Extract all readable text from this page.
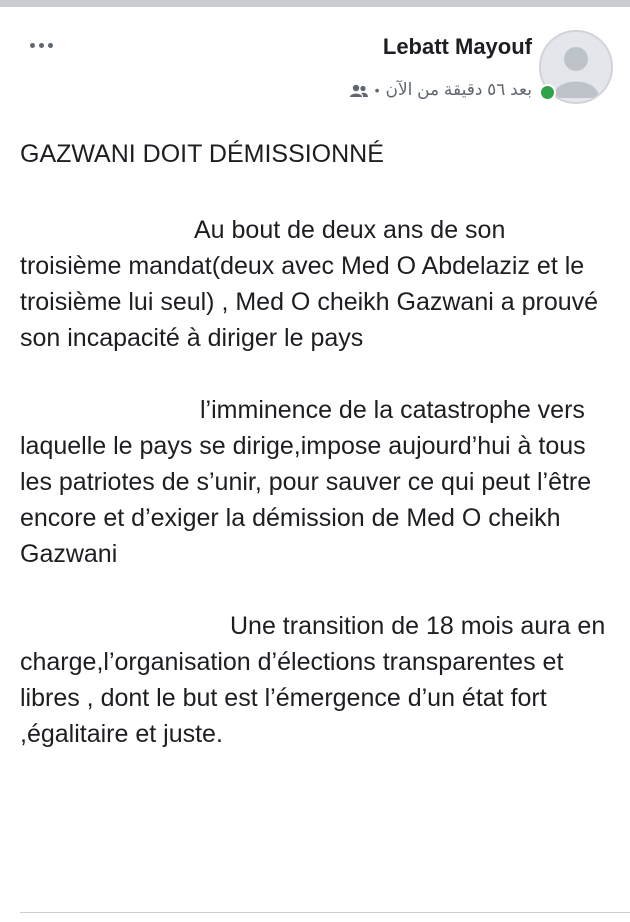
Lebatt Mayouf
بعد ٥٦ دقيقة من الآن
•

GAZWANI DOIT DÉMISSIONNÉ

Au bout de deux ans de son troisième mandat(deux avec Med O Abdelaziz et le troisième lui seul) , Med O cheikh Gazwani a prouvé son incapacité à diriger le pays

l’imminence de la catastrophe vers laquelle le pays se dirige,impose aujourd’hui à tous les patriotes de s’unir, pour sauver ce qui peut l’être encore et d’exiger la démission de Med O cheikh Gazwani

Une transition de 18 mois aura en charge,l’organisation d’élections transparentes et libres , dont le but est l’émergence d’un état fort ,égalitaire et juste.
